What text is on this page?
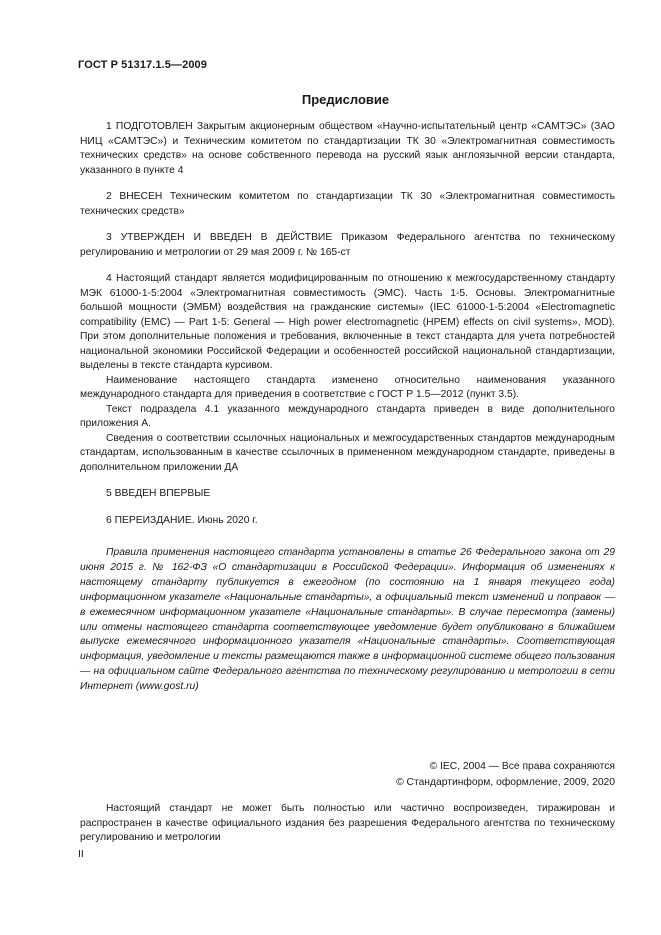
ГОСТ Р 51317.1.5—2009
Предисловие

1 ПОДГОТОВЛЕН Закрытым акционерным обществом «Научно-испытательный центр «САМТЭС» (ЗАО НИЦ «САМТЭС») и Техническим комитетом по стандартизации ТК 30 «Электромагнитная совместимость технических средств» на основе собственного перевода на русский язык англоязычной версии стандарта, указанного в пункте 4

2 ВНЕСЕН Техническим комитетом по стандартизации ТК 30 «Электромагнитная совместимость технических средств»

3 УТВЕРЖДЕН И ВВЕДЕН В ДЕЙСТВИЕ Приказом Федерального агентства по техническому регулированию и метрологии от 29 мая 2009 г. № 165-ст

4 Настоящий стандарт является модифицированным по отношению к межгосударственному стандарту МЭК 61000-1-5:2004 «Электромагнитная совместимость (ЭМС). Часть 1-5. Основы. Электромагнитные большой мощности (ЭМБМ) воздействия на гражданские системы» (IEC 61000-1-5:2004 «Electromagnetic compatibility (EMC) — Part 1-5: General — High power electromagnetic (HPEM) effects on civil systems», MOD). При этом дополнительные положения и требования, включенные в текст стандарта для учета потребностей национальной экономики Российской Федерации и особенностей российской национальной стандартизации, выделены в тексте стандарта курсивом.

Наименование настоящего стандарта изменено относительно наименования указанного международного стандарта для приведения в соответствие с ГОСТ Р 1.5—2012 (пункт 3.5).

Текст подраздела 4.1 указанного международного стандарта приведен в виде дополнительного приложения А.

Сведения о соответствии ссылочных национальных и межгосударственных стандартов международным стандартам, использованным в качестве ссылочных в примененном международном стандарте, приведены в дополнительном приложении ДА

5 ВВЕДЕН ВПЕРВЫЕ

6 ПЕРЕИЗДАНИЕ. Июнь 2020 г.

Правила применения настоящего стандарта установлены в статье 26 Федерального закона от 29 июня 2015 г. № 162-ФЗ «О стандартизации в Российской Федерации». Информация об изменениях к настоящему стандарту публикуется в ежегодном (по состоянию на 1 января текущего года) информационном указателе «Национальные стандарты», а официальный текст изменений и поправок — в ежемесячном информационном указателе «Национальные стандарты». В случае пересмотра (замены) или отмены настоящего стандарта соответствующее уведомление будет опубликовано в ближайшем выпуске ежемесячного информационного указателя «Национальные стандарты». Соответствующая информация, уведомление и тексты размещаются также в информационной системе общего пользования — на официальном сайте Федерального агентства по техническому регулированию и метрологии в сети Интернет (www.gost.ru)

© IEC, 2004 — Все права сохраняются
© Стандартинформ, оформление, 2009, 2020

Настоящий стандарт не может быть полностью или частично воспроизведен, тиражирован и распространен в качестве официального издания без разрешения Федерального агентства по техническому регулированию и метрологии

II
